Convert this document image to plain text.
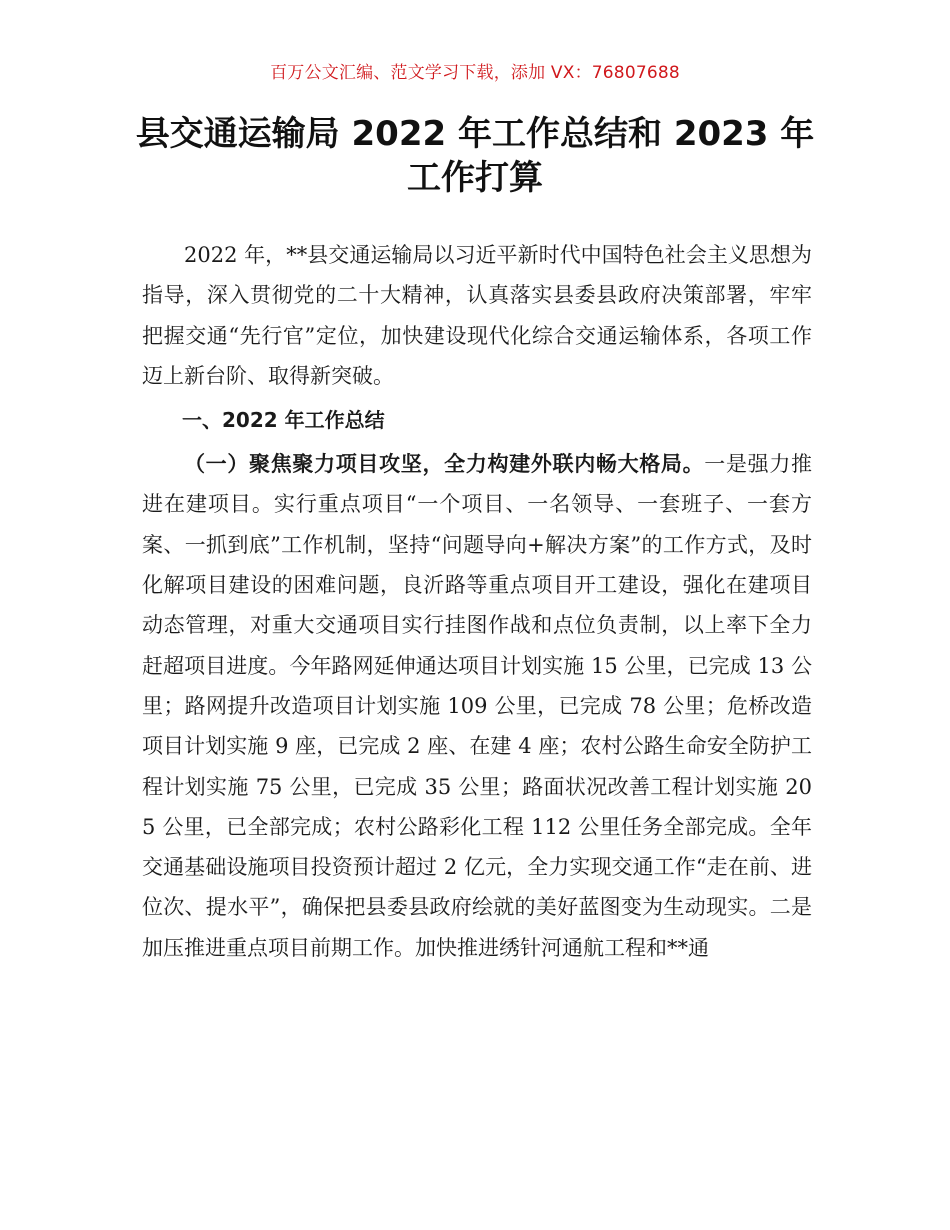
百万公文汇编、范文学习下载，添加 VX：76807688
县交通运输局 2022 年工作总结和 2023 年
工作打算

2022 年，**县交通运输局以习近平新时代中国特色社会主义思想为指导，深入贯彻党的二十大精神，认真落实县委县政府决策部署，牢牢把握交通“先行官”定位，加快建设现代化综合交通运输体系，各项工作迈上新台阶、取得新突破。

一、2022 年工作总结

（一）聚焦聚力项目攻坚，全力构建外联内畅大格局。一是强力推进在建项目。实行重点项目“一个项目、一名领导、一套班子、一套方案、一抓到底”工作机制，坚持“问题导向+解决方案”的工作方式，及时化解项目建设的困难问题，良沂路等重点项目开工建设，强化在建项目动态管理，对重大交通项目实行挂图作战和点位负责制，以上率下全力赶超项目进度。今年路网延伸通达项目计划实施 15 公里，已完成 13 公里；路网提升改造项目计划实施 109 公里，已完成 78 公里；危桥改造项目计划实施 9 座，已完成 2 座、在建 4 座；农村公路生命安全防护工程计划实施 75 公里，已完成 35 公里；路面状况改善工程计划实施 205 公里，已全部完成；农村公路彩化工程 112 公里任务全部完成。全年交通基础设施项目投资预计超过 2 亿元，全力实现交通工作“走在前、进位次、提水平”，确保把县委县政府绘就的美好蓝图变为生动现实。二是加压推进重点项目前期工作。加快推进绣针河通航工程和**通
